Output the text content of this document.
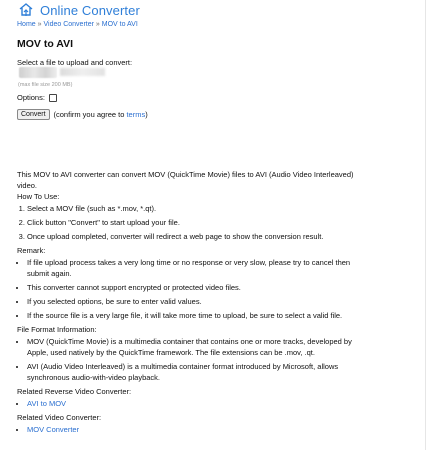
Online Converter
Home » Video Converter » MOV to AVI
MOV to AVI
Select a file to upload and convert:
(max file size 200 MB)
Options:
Convert	(confirm you agree to terms)

This MOV to AVI converter can convert MOV (QuickTime Movie) files to AVI (Audio Video Interleaved) video.

How To Use:

1. Select a MOV file (such as *.mov, *.qt).
2. Click button "Convert" to start upload your file.
3. Once upload completed, converter will redirect a web page to show the conversion result.

Remark:

• If file upload process takes a very long time or no response or very slow, please try to cancel then submit again.
• This converter cannot support encrypted or protected video files.
• If you selected options, be sure to enter valid values.
• If the source file is a very large file, it will take more time to upload, be sure to select a valid file.

File Format Information:

• MOV (QuickTime Movie) is a multimedia container that contains one or more tracks, developed by Apple, used natively by the QuickTime framework. The file extensions can be .mov, .qt.
• AVI (Audio Video Interleaved) is a multimedia container format introduced by Microsoft, allows synchronous audio-with-video playback.

Related Reverse Video Converter:

• AVI to MOV

Related Video Converter:

• MOV Converter
